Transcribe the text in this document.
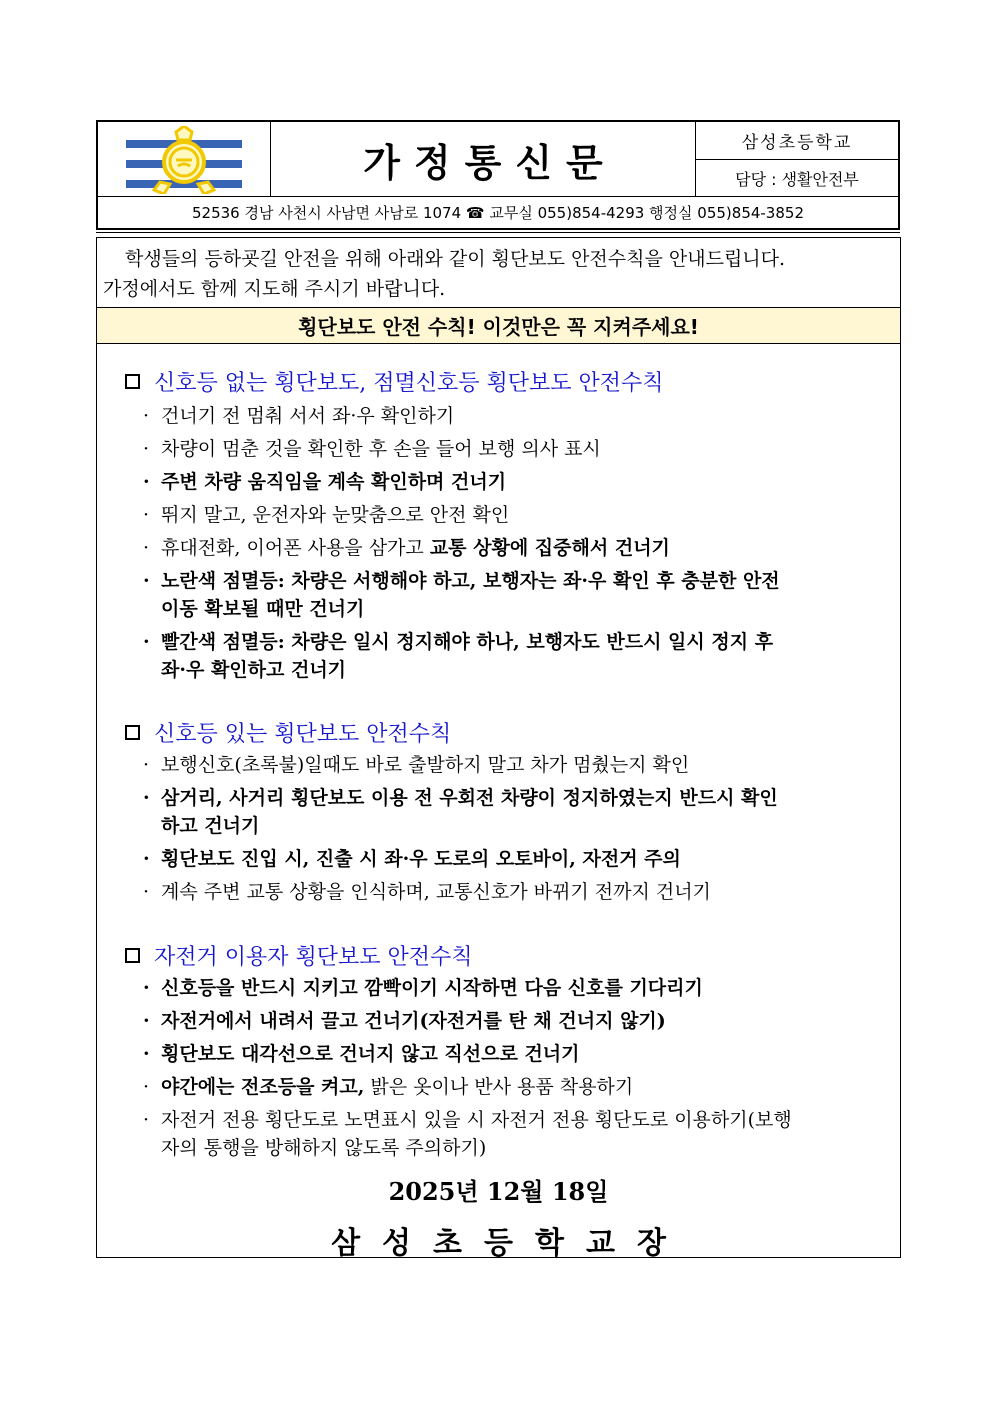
가정통신문	삼성초등학교
담당 : 생활안전부
52536 경남 사천시 사남면 사남로 1074 ☎ 교무실 055)854-4293 행정실 055)854-3852

학생들의 등하굣길 안전을 위해 아래와 같이 횡단보도 안전수칙을 안내드립니다.

가정에서도 함께 지도해 주시기 바랍니다.

횡단보도 안전 수칙! 이것만은 꼭 지켜주세요!
신호등 없는 횡단보도, 점멸신호등 횡단보도 안전수칙
· 건너기 전 멈춰 서서 좌·우 확인하기
· 차량이 멈춘 것을 확인한 후 손을 들어 보행 의사 표시
· 주변 차량 움직임을 계속 확인하며 건너기
· 뛰지 말고, 운전자와 눈맞춤으로 안전 확인
· 휴대전화, 이어폰 사용을 삼가고 교통 상황에 집중해서 건너기
· 노란색 점멸등: 차량은 서행해야 하고, 보행자는 좌·우 확인 후 충분한 안전
이동 확보될 때만 건너기
· 빨간색 점멸등: 차량은 일시 정지해야 하나, 보행자도 반드시 일시 정지 후
좌·우 확인하고 건너기
신호등 있는 횡단보도 안전수칙
· 보행신호(초록불)일때도 바로 출발하지 말고 차가 멈췄는지 확인
· 삼거리, 사거리 횡단보도 이용 전 우회전 차량이 정지하였는지 반드시 확인
하고 건너기
· 횡단보도 진입 시, 진출 시 좌·우 도로의 오토바이, 자전거 주의
· 계속 주변 교통 상황을 인식하며, 교통신호가 바뀌기 전까지 건너기
자전거 이용자 횡단보도 안전수칙
· 신호등을 반드시 지키고 깜빡이기 시작하면 다음 신호를 기다리기
· 자전거에서 내려서 끌고 건너기(자전거를 탄 채 건너지 않기)
· 횡단보도 대각선으로 건너지 않고 직선으로 건너기
· 야간에는 전조등을 켜고, 밝은 옷이나 반사 용품 착용하기
· 자전거 전용 횡단도로 노면표시 있을 시 자전거 전용 횡단도로 이용하기(보행
자의 통행을 방해하지 않도록 주의하기)
2025년 12월 18일
삼성초등학교장
